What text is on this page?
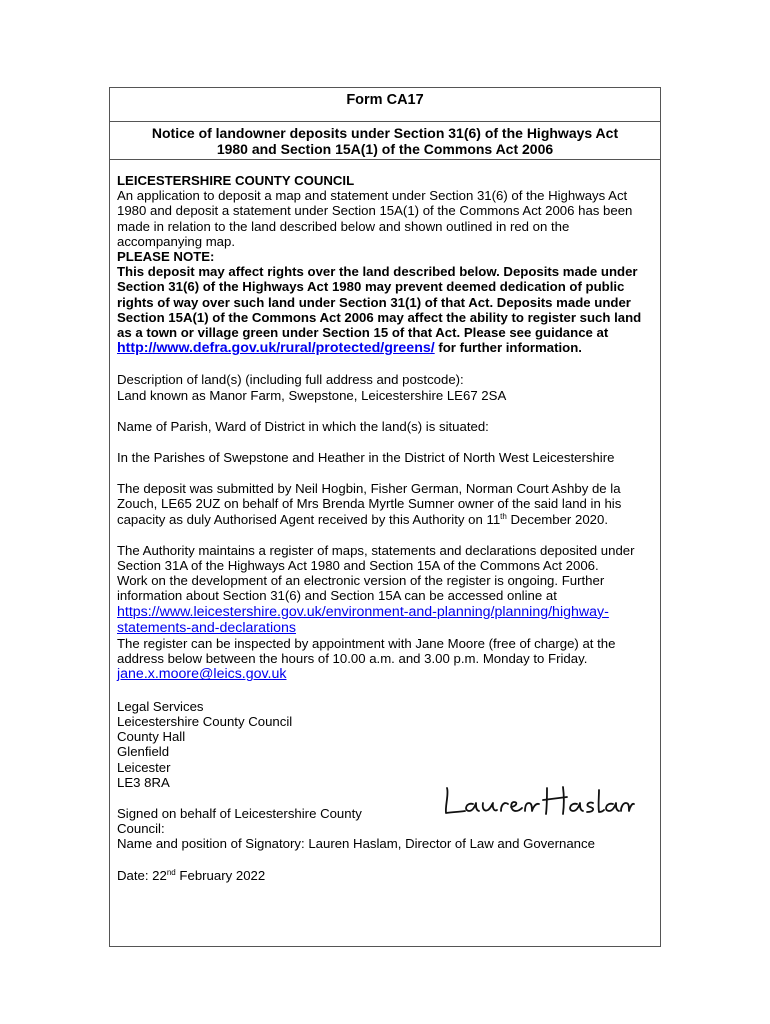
Form CA17
Notice of landowner deposits under Section 31(6) of the Highways Act
1980 and Section 15A(1) of the Commons Act 2006

LEICESTERSHIRE COUNTY COUNCIL

An application to deposit a map and statement under Section 31(6) of the Highways Act 1980 and deposit a statement under Section 15A(1) of the Commons Act 2006 has been made in relation to the land described below and shown outlined in red on the accompanying map.

PLEASE NOTE:

This deposit may affect rights over the land described below. Deposits made under Section 31(6) of the Highways Act 1980 may prevent deemed dedication of public rights of way over such land under Section 31(1) of that Act. Deposits made under Section 15A(1) of the Commons Act 2006 may affect the ability to register such land as a town or village green under Section 15 of that Act. Please see guidance at
http://www.defra.gov.uk/rural/protected/greens/ for further information.

Description of land(s) (including full address and postcode):

Land known as Manor Farm, Swepstone, Leicestershire LE67 2SA

Name of Parish, Ward of District in which the land(s) is situated:

In the Parishes of Swepstone and Heather in the District of North West Leicestershire

The deposit was submitted by Neil Hogbin, Fisher German, Norman Court Ashby de la Zouch, LE65 2UZ on behalf of Mrs Brenda Myrtle Sumner owner of the said land in his capacity as duly Authorised Agent received by this Authority on 11th December 2020.

The Authority maintains a register of maps, statements and declarations deposited under Section 31A of the Highways Act 1980 and Section 15A of the Commons Act 2006.

Work on the development of an electronic version of the register is ongoing. Further information about Section 31(6) and Section 15A can be accessed online at

https://www.leicestershire.gov.uk/environment-and-planning/planning/highway-statements-and-declarations

The register can be inspected by appointment with Jane Moore (free of charge) at the address below between the hours of 10.00 a.m. and 3.00 p.m. Monday to Friday.

jane.x.moore@leics.gov.uk

Legal Services

Leicestershire County Council

County Hall

Glenfield

Leicester

LE3 8RA

Signed on behalf of Leicestershire County

Council:

Name and position of Signatory: Lauren Haslam, Director of Law and Governance

Date: 22nd February 2022
